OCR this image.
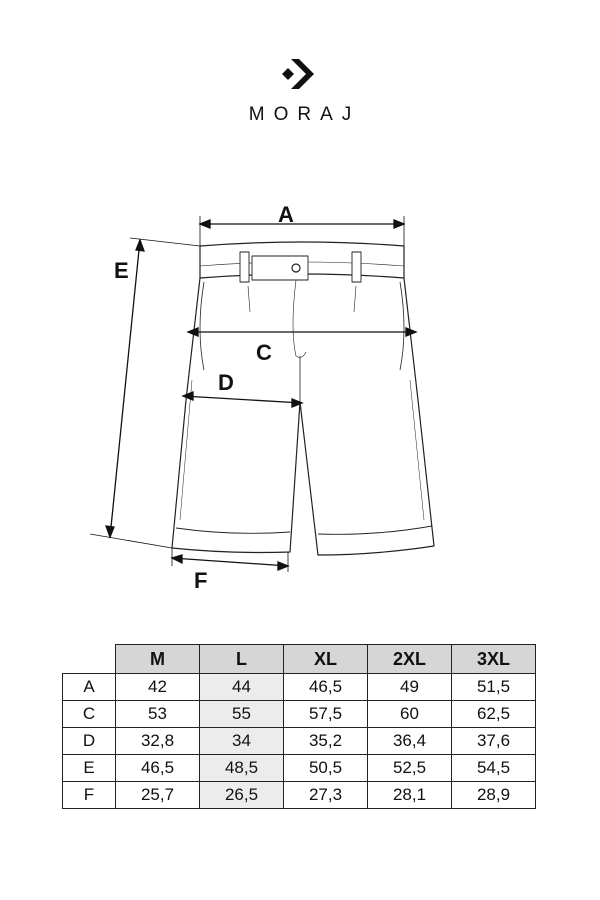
MORAJ
A
C
D
E
F
	M	L	XL	2XL	3XL
A	42	44	46,5	49	51,5
C	53	55	57,5	60	62,5
D	32,8	34	35,2	36,4	37,6
E	46,5	48,5	50,5	52,5	54,5
F	25,7	26,5	27,3	28,1	28,9
